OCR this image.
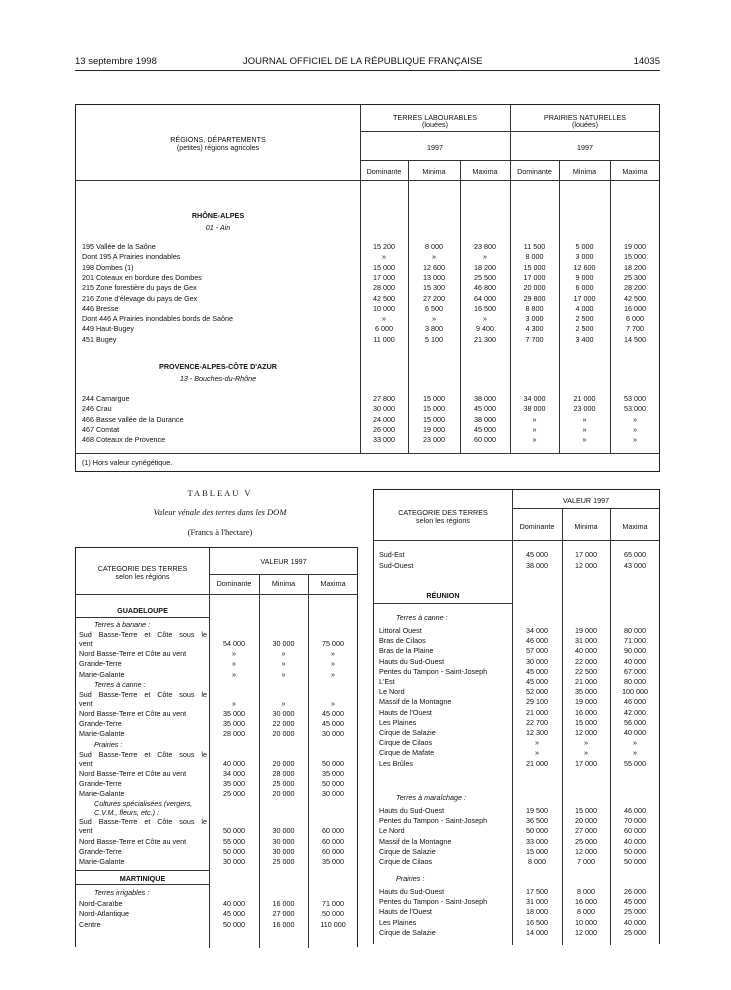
13 septembre 1998	JOURNAL OFFICIEL DE LA RÉPUBLIQUE FRANÇAISE	14035
RÉGIONS, DÉPARTEMENTS
(petites) régions agricoles
TERRES LABOURABLES
(louées)
PRAIRIES NATURELLES
(louées)
1997	1997
Dominante	Minima	Maxima	Dominante	Minima	Maxima
RHÔNE-ALPES
01 - Ain
PROVENCE-ALPES-CÔTE D'AZUR
13 - Bouches-du-Rhône
195 Vallée de la Saône	15 200	8 000	23 800	11 500	5 000	19 000
Dont 195 A Prairies inondables	»	»	»	8 000	3 000	15 000
198 Dombes (1)	15 000	12 600	18 200	15 000	12 600	18 200
201 Coteaux en bordure des Dombes	17 000	13 000	25 500	17 000	9 000	25 300
215 Zone forestière du pays de Gex	28 000	15 300	46 800	20 000	6 000	28 200
216 Zone d'élevage du pays de Gex	42 500	27 200	64 000	29 800	17 000	42 500
446 Bresse	10 000	6 500	16 500	8 800	4 000	16 000
Dont 446 A Prairies inondables bords de Saône	»	»	»	3 000	2 500	6 000
449 Haut-Bugey	6 000	3 800	9 400	4 300	2 500	7 700
451 Bugey	11 000	5 100	21 300	7 700	3 400	14 500
244 Camargue	27 800	15 000	38 000	34 000	21 000	53 000
246 Crau	30 000	15 000	45 000	38 000	23 000	53 000
466 Basse vallée de la Durance	24 000	15 000	38 000	»	»	»
467 Comtat	26 000	19 000	45 000	»	»	»
468 Coteaux de Provence	33 000	23 000	60 000	»	»	»
(1) Hors valeur cynégétique.
TABLEAU V
Valeur vénale des terres dans les DOM
(Francs à l'hectare)
CATEGORIE DES TERRES
selon les régions
VALEUR 1997
Dominante	Minima	Maxima
GUADELOUPE
Terres à banane :
Sud Basse-Terre et Côte sous le
vent	54 000	30 000	75 000
Nord Basse-Terre et Côte au vent	»	»	»
Grande-Terre	»	»	»
Marie-Galante	»	»	»
Terres à canne :
Sud Basse-Terre et Côte sous le
vent	»	»	»
Nord Basse-Terre et Côte au vent	35 000	30 000	45 000
Grande-Terre	35 000	22 000	45 000
Marie-Galante	28 000	20 000	30 000
Prairies :
Sud Basse-Terre et Côte sous le
vent	40 000	20 000	50 000
Nord Basse-Terre et Côte au vent	34 000	28 000	35 000
Grande-Terre	35 000	25 000	50 000
Marie-Galante	25 000	20 000	30 000
Cultures spécialisées (vergers, C.V.M., fleurs, etc.) :
Sud Basse-Terre et Côte sous le
vent	50 000	30 000	60 000
Nord Basse-Terre et Côte au vent	55 000	30 000	60 000
Grande-Terre	50 000	30 000	60 000
Marie-Galante	30 000	25 000	35 000
MARTINIQUE
Terres irrigables :
Nord-Caraïbe	40 000	16 000	71 000
Nord-Atlantique	45 000	27 000	50 000
Centre	50 000	16 000	110 000
CATEGORIE DES TERRES
selon les régions
VALEUR 1997
Dominante	Minima	Maxima
Sud-Est	45 000	17 000	65 000
Sud-Ouest	38 000	12 000	43 000
RÉUNION
Terres à canne :
Littoral Ouest	34 000	19 000	80 000
Bras de Cilaos	46 000	31 000	71 000
Bras de la Plaine	57 000	40 000	90 000
Hauts du Sud-Ouest	30 000	22 000	40 000
Pentes du Tampon - Saint-Joseph	45 000	22 500	67 000
L'Est	45 000	21 000	80 000
Le Nord	52 000	35 000	100 000
Massif de la Montagne	29 100	19 000	46 000
Hauts de l'Ouest	21 000	16 000	42 000
Les Plaines	22 700	15 000	56 000
Cirque de Salazie	12 300	12 000	40 000
Cirque de Cilaos	»	»	»
Cirque de Mafate	»	»	»
Les Brûles	21 000	17 000	55 000
Terres à maraîchage :
Hauts du Sud-Ouest	19 500	15 000	46 000
Pentes du Tampon - Saint-Joseph	36 500	20 000	70 000
Le Nord	50 000	27 000	60 000
Massif de la Montagne	33 000	25 000	40 000
Cirque de Salazie	15 000	12 000	50 000
Cirque de Cilaos	8 000	7 000	50 000
Prairies :
Hauts du Sud-Ouest	17 500	8 000	26 000
Pentes du Tampon - Saint-Joseph	31 000	16 000	45 000
Hauts de l'Ouest	18 000	8 000	25 000
Les Plaines	16 500	10 000	40 000
Cirque de Salazie	14 000	12 000	25 000
